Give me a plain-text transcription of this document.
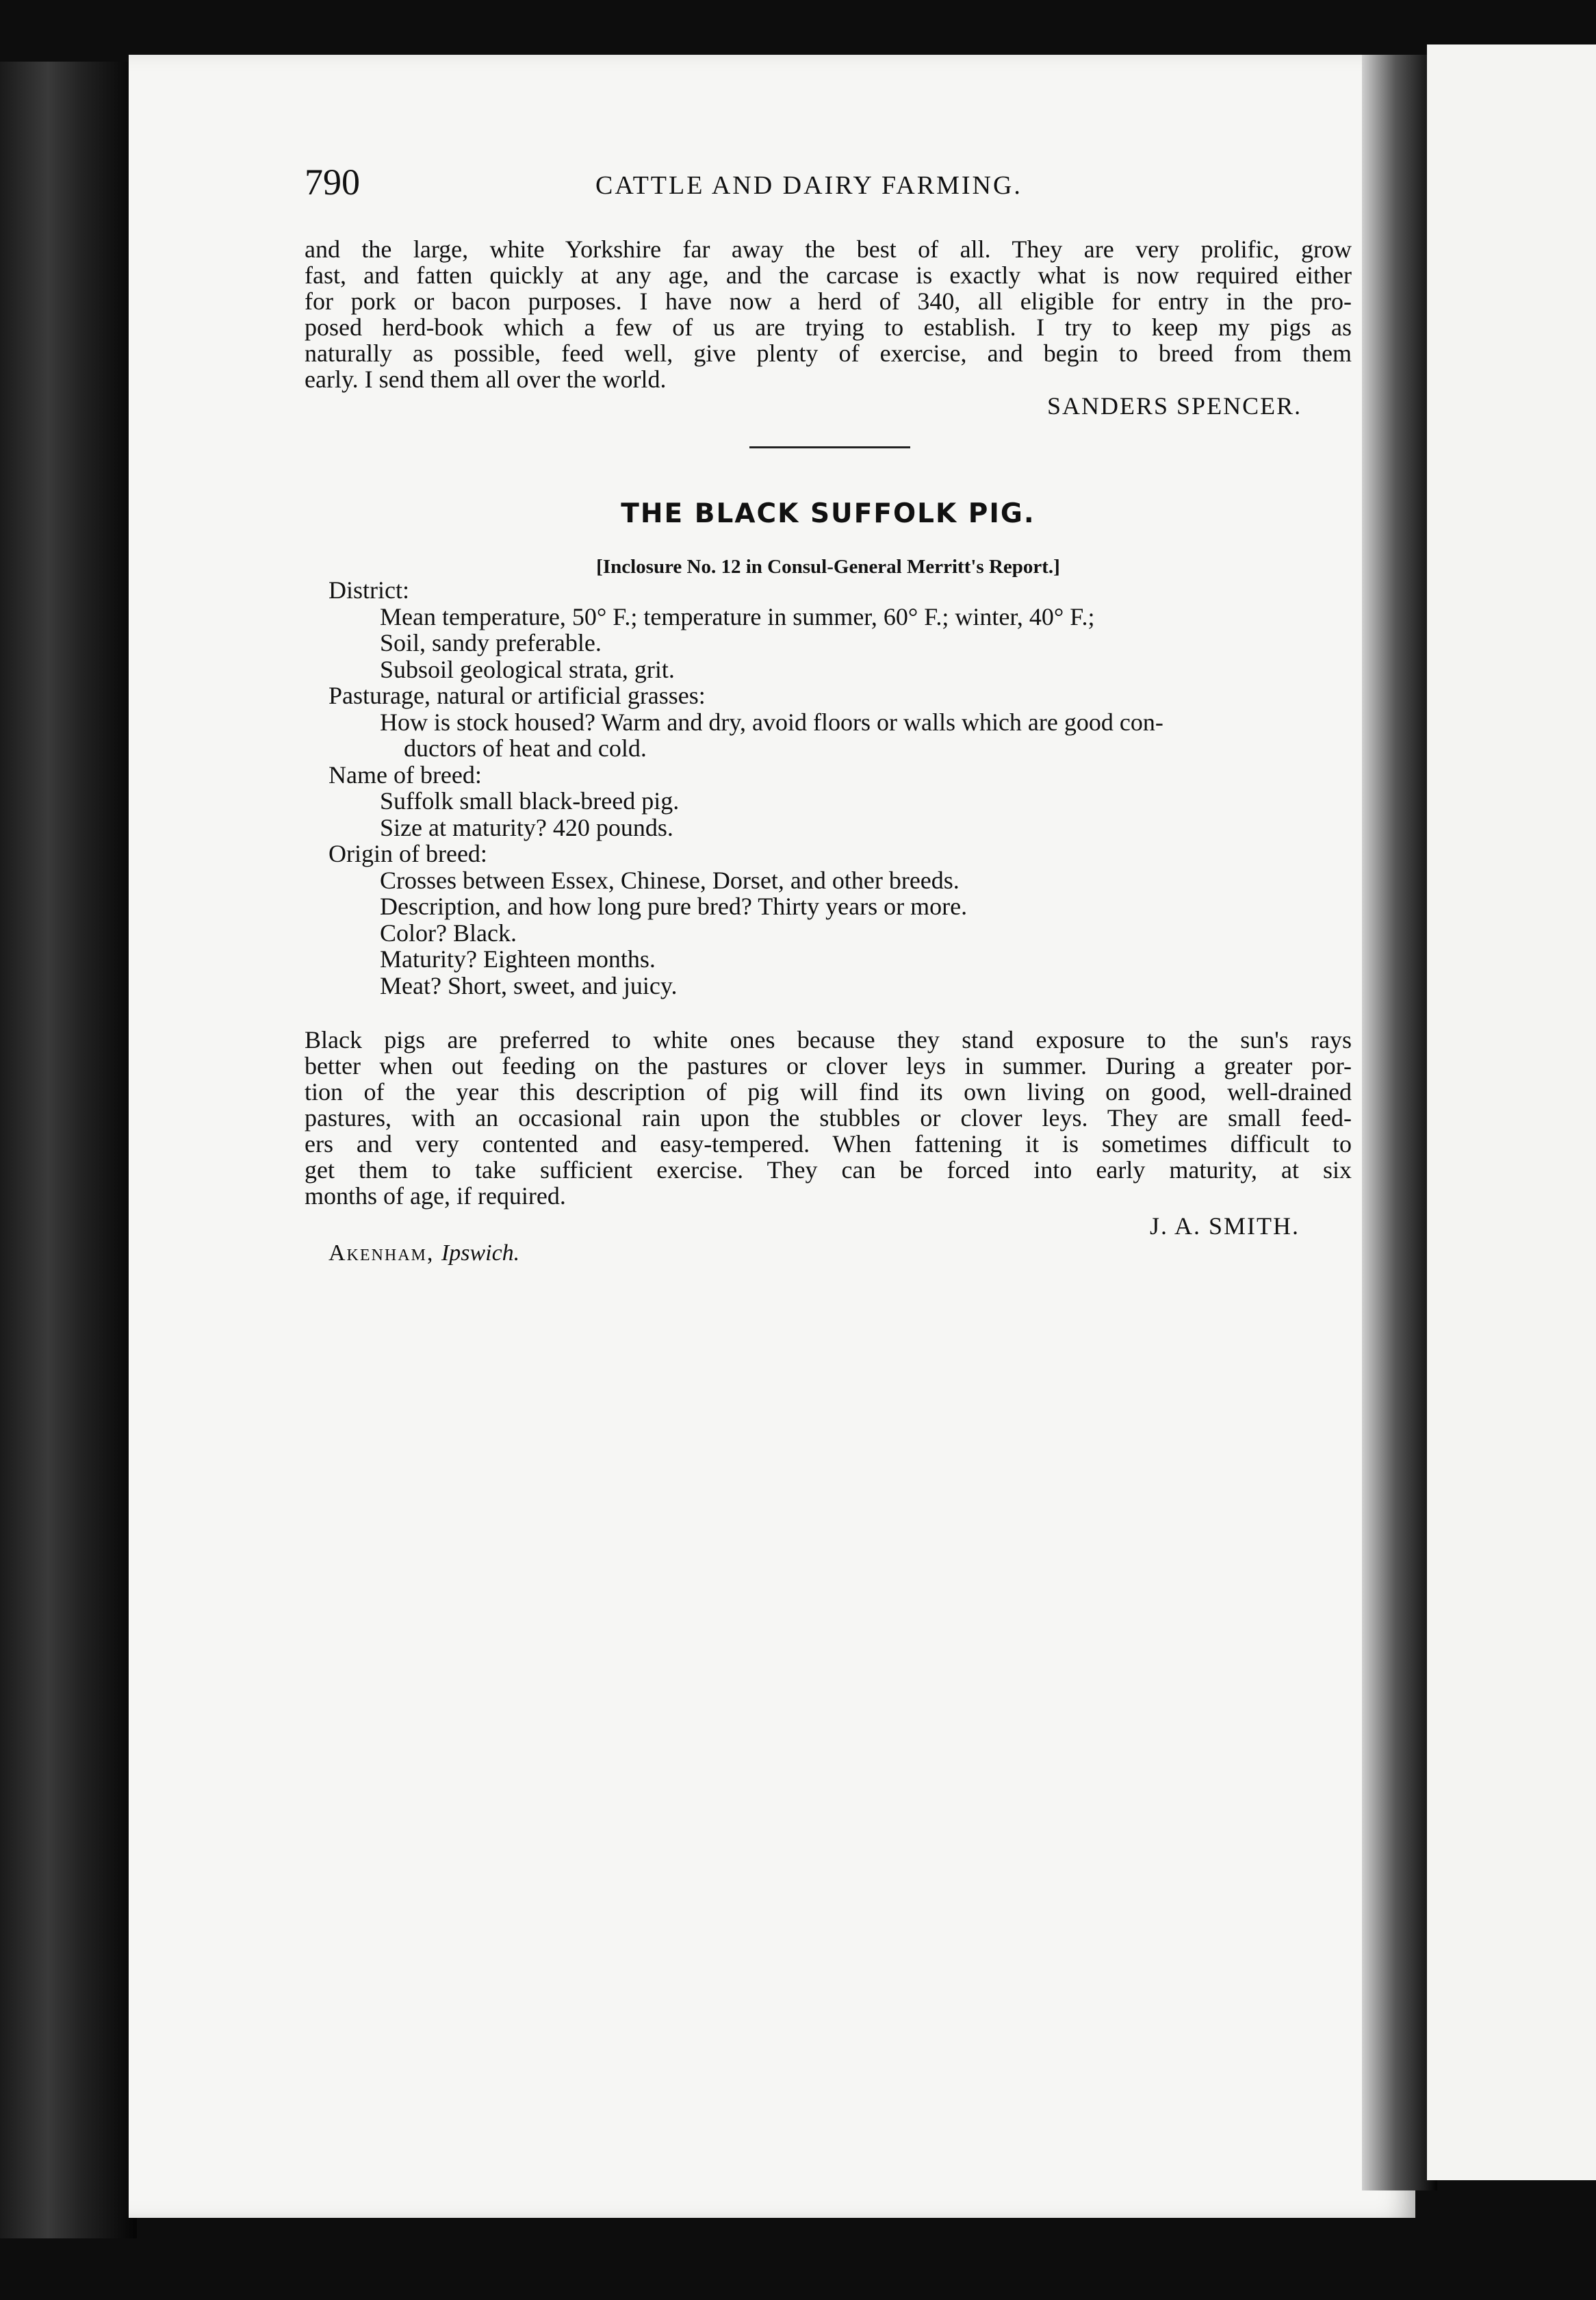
790	CATTLE AND DAIRY FARMING.
and the large, white Yorkshire far away the best of all. They are very prolific, grow
fast, and fatten quickly at any age, and the carcase is exactly what is now required either
for pork or bacon purposes. I have now a herd of 340, all eligible for entry in the pro-
posed herd-book which a few of us are trying to establish. I try to keep my pigs as
naturally as possible, feed well, give plenty of exercise, and begin to breed from them
early. I send them all over the world.
SANDERS SPENCER.
THE BLACK SUFFOLK PIG.
[Inclosure No. 12 in Consul-General Merritt's Report.]
District:
Mean temperature, 50° F.; temperature in summer, 60° F.; winter, 40° F.;
Soil, sandy preferable.
Subsoil geological strata, grit.
Pasturage, natural or artificial grasses:
How is stock housed? Warm and dry, avoid floors or walls which are good con-
ductors of heat and cold.
Name of breed:
Suffolk small black-breed pig.
Size at maturity? 420 pounds.
Origin of breed:
Crosses between Essex, Chinese, Dorset, and other breeds.
Description, and how long pure bred? Thirty years or more.
Color? Black.
Maturity? Eighteen months.
Meat? Short, sweet, and juicy.
Black pigs are preferred to white ones because they stand exposure to the sun's rays
better when out feeding on the pastures or clover leys in summer. During a greater por-
tion of the year this description of pig will find its own living on good, well-drained
pastures, with an occasional rain upon the stubbles or clover leys. They are small feed-
ers and very contented and easy-tempered. When fattening it is sometimes difficult to
get them to take sufficient exercise. They can be forced into early maturity, at six
months of age, if required.
J. A. SMITH.
Akenham, Ipswich.
